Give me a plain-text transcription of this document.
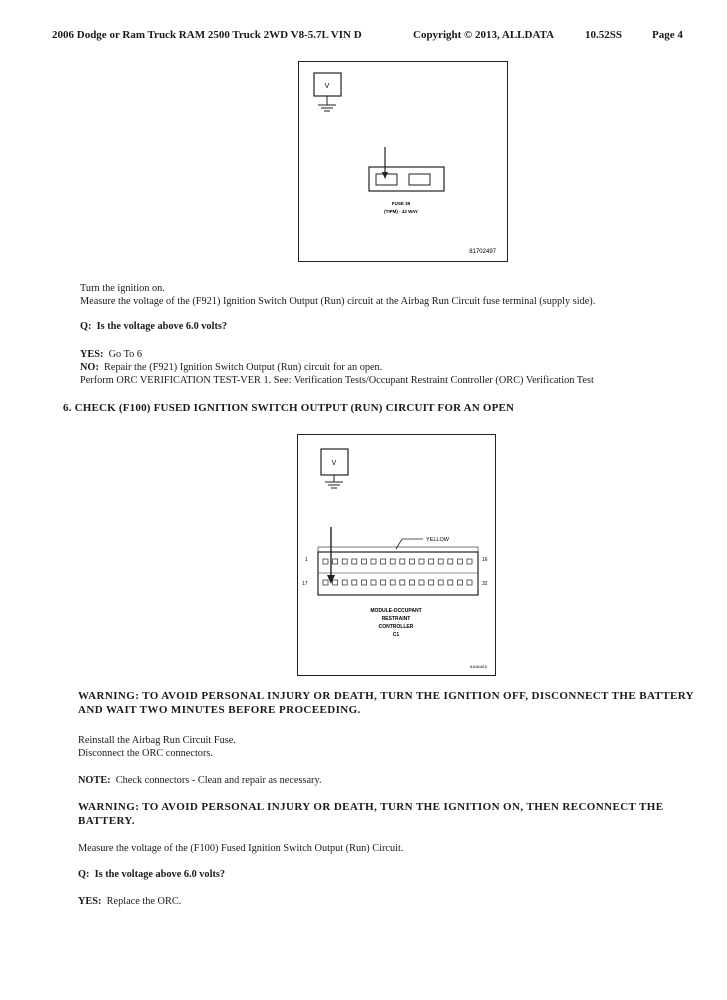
2006 Dodge or Ram Truck RAM 2500 Truck 2WD V8-5.7L VIN D	Copyright © 2013, ALLDATA	10.52SS	Page 4
V
FUSE 39
(TIPM) - 42 WAY
81702497
Turn the ignition on.
Measure the voltage of the (F921) Ignition Switch Output (Run) circuit at the Airbag Run Circuit fuse terminal (supply side).
Q: Is the voltage above 6.0 volts?
YES: Go To 6
NO: Repair the (F921) Ignition Switch Output (Run) circuit for an open.
Perform ORC VERIFICATION TEST-VER 1. See: Verification Tests/Occupant Restraint Controller (ORC) Verification Test
6. CHECK (F100) FUSED IGNITION SWITCH OUTPUT (RUN) CIRCUIT FOR AN OPEN
V
YELLOW
1	16
17	32
MODULE-OCCUPANT
RESTRAINT
CONTROLLER
C1
81b4b815
WARNING: TO AVOID PERSONAL INJURY OR DEATH, TURN THE IGNITION OFF, DISCONNECT THE BATTERY
AND WAIT TWO MINUTES BEFORE PROCEEDING.
Reinstall the Airbag Run Circuit Fuse.
Disconnect the ORC connectors.
NOTE: Check connectors - Clean and repair as necessary.
WARNING: TO AVOID PERSONAL INJURY OR DEATH, TURN THE IGNITION ON, THEN RECONNECT THE
BATTERY.
Measure the voltage of the (F100) Fused Ignition Switch Output (Run) Circuit.
Q: Is the voltage above 6.0 volts?
YES: Replace the ORC.
